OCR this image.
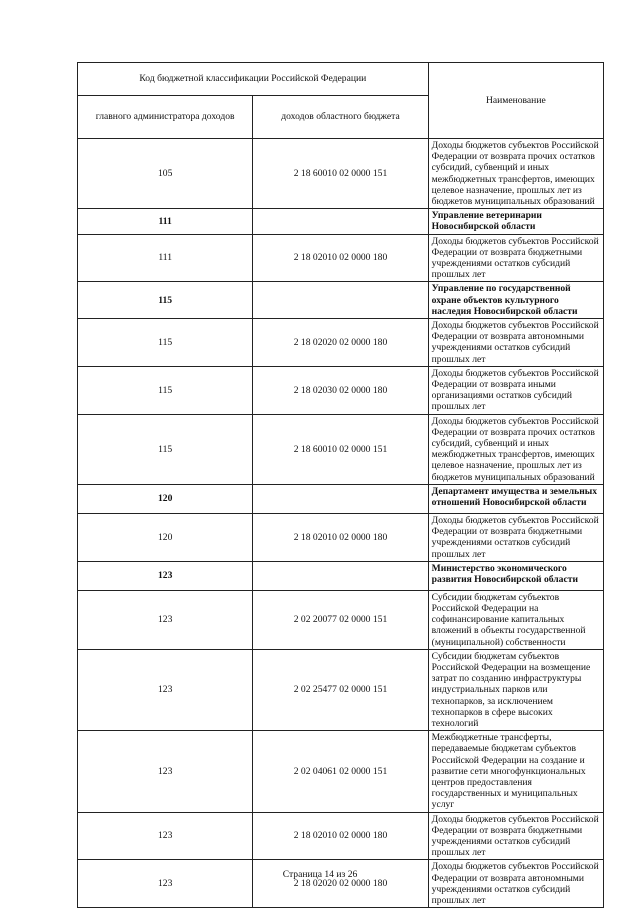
Код бюджетной классификации Российской Федерации		Наименование
главного администратора доходов	доходов областного бюджета	
105	2 18 60010 02 0000 151	Доходы бюджетов субъектов Российской Федерации от возврата прочих остатков субсидий, субвенций и иных межбюджетных трансфертов, имеющих целевое назначение, прошлых лет из бюджетов муниципальных образований
111		Управление ветеринарии Новосибирской области
111	2 18 02010 02 0000 180	Доходы бюджетов субъектов Российской Федерации от возврата бюджетными учреждениями остатков субсидий прошлых лет
115		Управление по государственной охране объектов культурного наследия Новосибирской области
115	2 18 02020 02 0000 180	Доходы бюджетов субъектов Российской Федерации от возврата автономными учреждениями остатков субсидий прошлых лет
115	2 18 02030 02 0000 180	Доходы бюджетов субъектов Российской Федерации от возврата иными организациями остатков субсидий прошлых лет
115	2 18 60010 02 0000 151	Доходы бюджетов субъектов Российской Федерации от возврата прочих остатков субсидий, субвенций и иных межбюджетных трансфертов, имеющих целевое назначение, прошлых лет из бюджетов муниципальных образований
120		Департамент имущества и земельных отношений Новосибирской области
120	2 18 02010 02 0000 180	Доходы бюджетов субъектов Российской Федерации от возврата бюджетными учреждениями остатков субсидий прошлых лет
123		Министерство экономического развития Новосибирской области
123	2 02 20077 02 0000 151	Субсидии бюджетам субъектов Российской Федерации на софинансирование капитальных вложений в объекты государственной (муниципальной) собственности
123	2 02 25477 02 0000 151	Субсидии бюджетам субъектов Российской Федерации на возмещение затрат по созданию инфраструктуры индустриальных парков или технопарков, за исключением технопарков в сфере высоких технологий
123	2 02 04061 02 0000 151	Межбюджетные трансферты, передаваемые бюджетам субъектов Российской Федерации на создание и развитие сети многофункциональных центров предоставления государственных и муниципальных услуг
123	2 18 02010 02 0000 180	Доходы бюджетов субъектов Российской Федерации от возврата бюджетными учреждениями остатков субсидий прошлых лет
123	2 18 02020 02 0000 180	Доходы бюджетов субъектов Российской Федерации от возврата автономными учреждениями остатков субсидий прошлых лет
Страница 14 из 26
